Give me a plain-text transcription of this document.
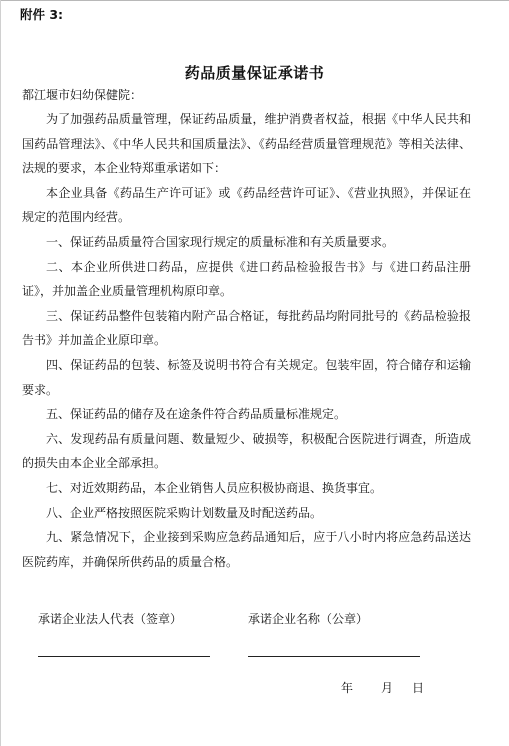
附件 3:
药品质量保证承诺书
都江堰市妇幼保健院：

为了加强药品质量管理，保证药品质量，维护消费者权益，根据《中华人民共和国药品管理法》、《中华人民共和国质量法》、《药品经营质量管理规范》等相关法律、法规的要求，本企业特郑重承诺如下：

本企业具备《药品生产许可证》或《药品经营许可证》、《营业执照》，并保证在规定的范围内经营。

一、保证药品质量符合国家现行规定的质量标准和有关质量要求。

二、本企业所供进口药品，应提供《进口药品检验报告书》与《进口药品注册证》，并加盖企业质量管理机构原印章。

三、保证药品整件包装箱内附产品合格证，每批药品均附同批号的《药品检验报告书》并加盖企业原印章。

四、保证药品的包装、标签及说明书符合有关规定。包装牢固，符合储存和运输要求。

五、保证药品的储存及在途条件符合药品质量标准规定。

六、发现药品有质量问题、数量短少、破损等，积极配合医院进行调查，所造成的损失由本企业全部承担。

七、对近效期药品，本企业销售人员应积极协商退、换货事宜。

八、企业严格按照医院采购计划数量及时配送药品。

九、紧急情况下，企业接到采购应急药品通知后，应于八小时内将应急药品送达医院药库，并确保所供药品的质量合格。

承诺企业法人代表（签章）	承诺企业名称（公章）
年 月 日
